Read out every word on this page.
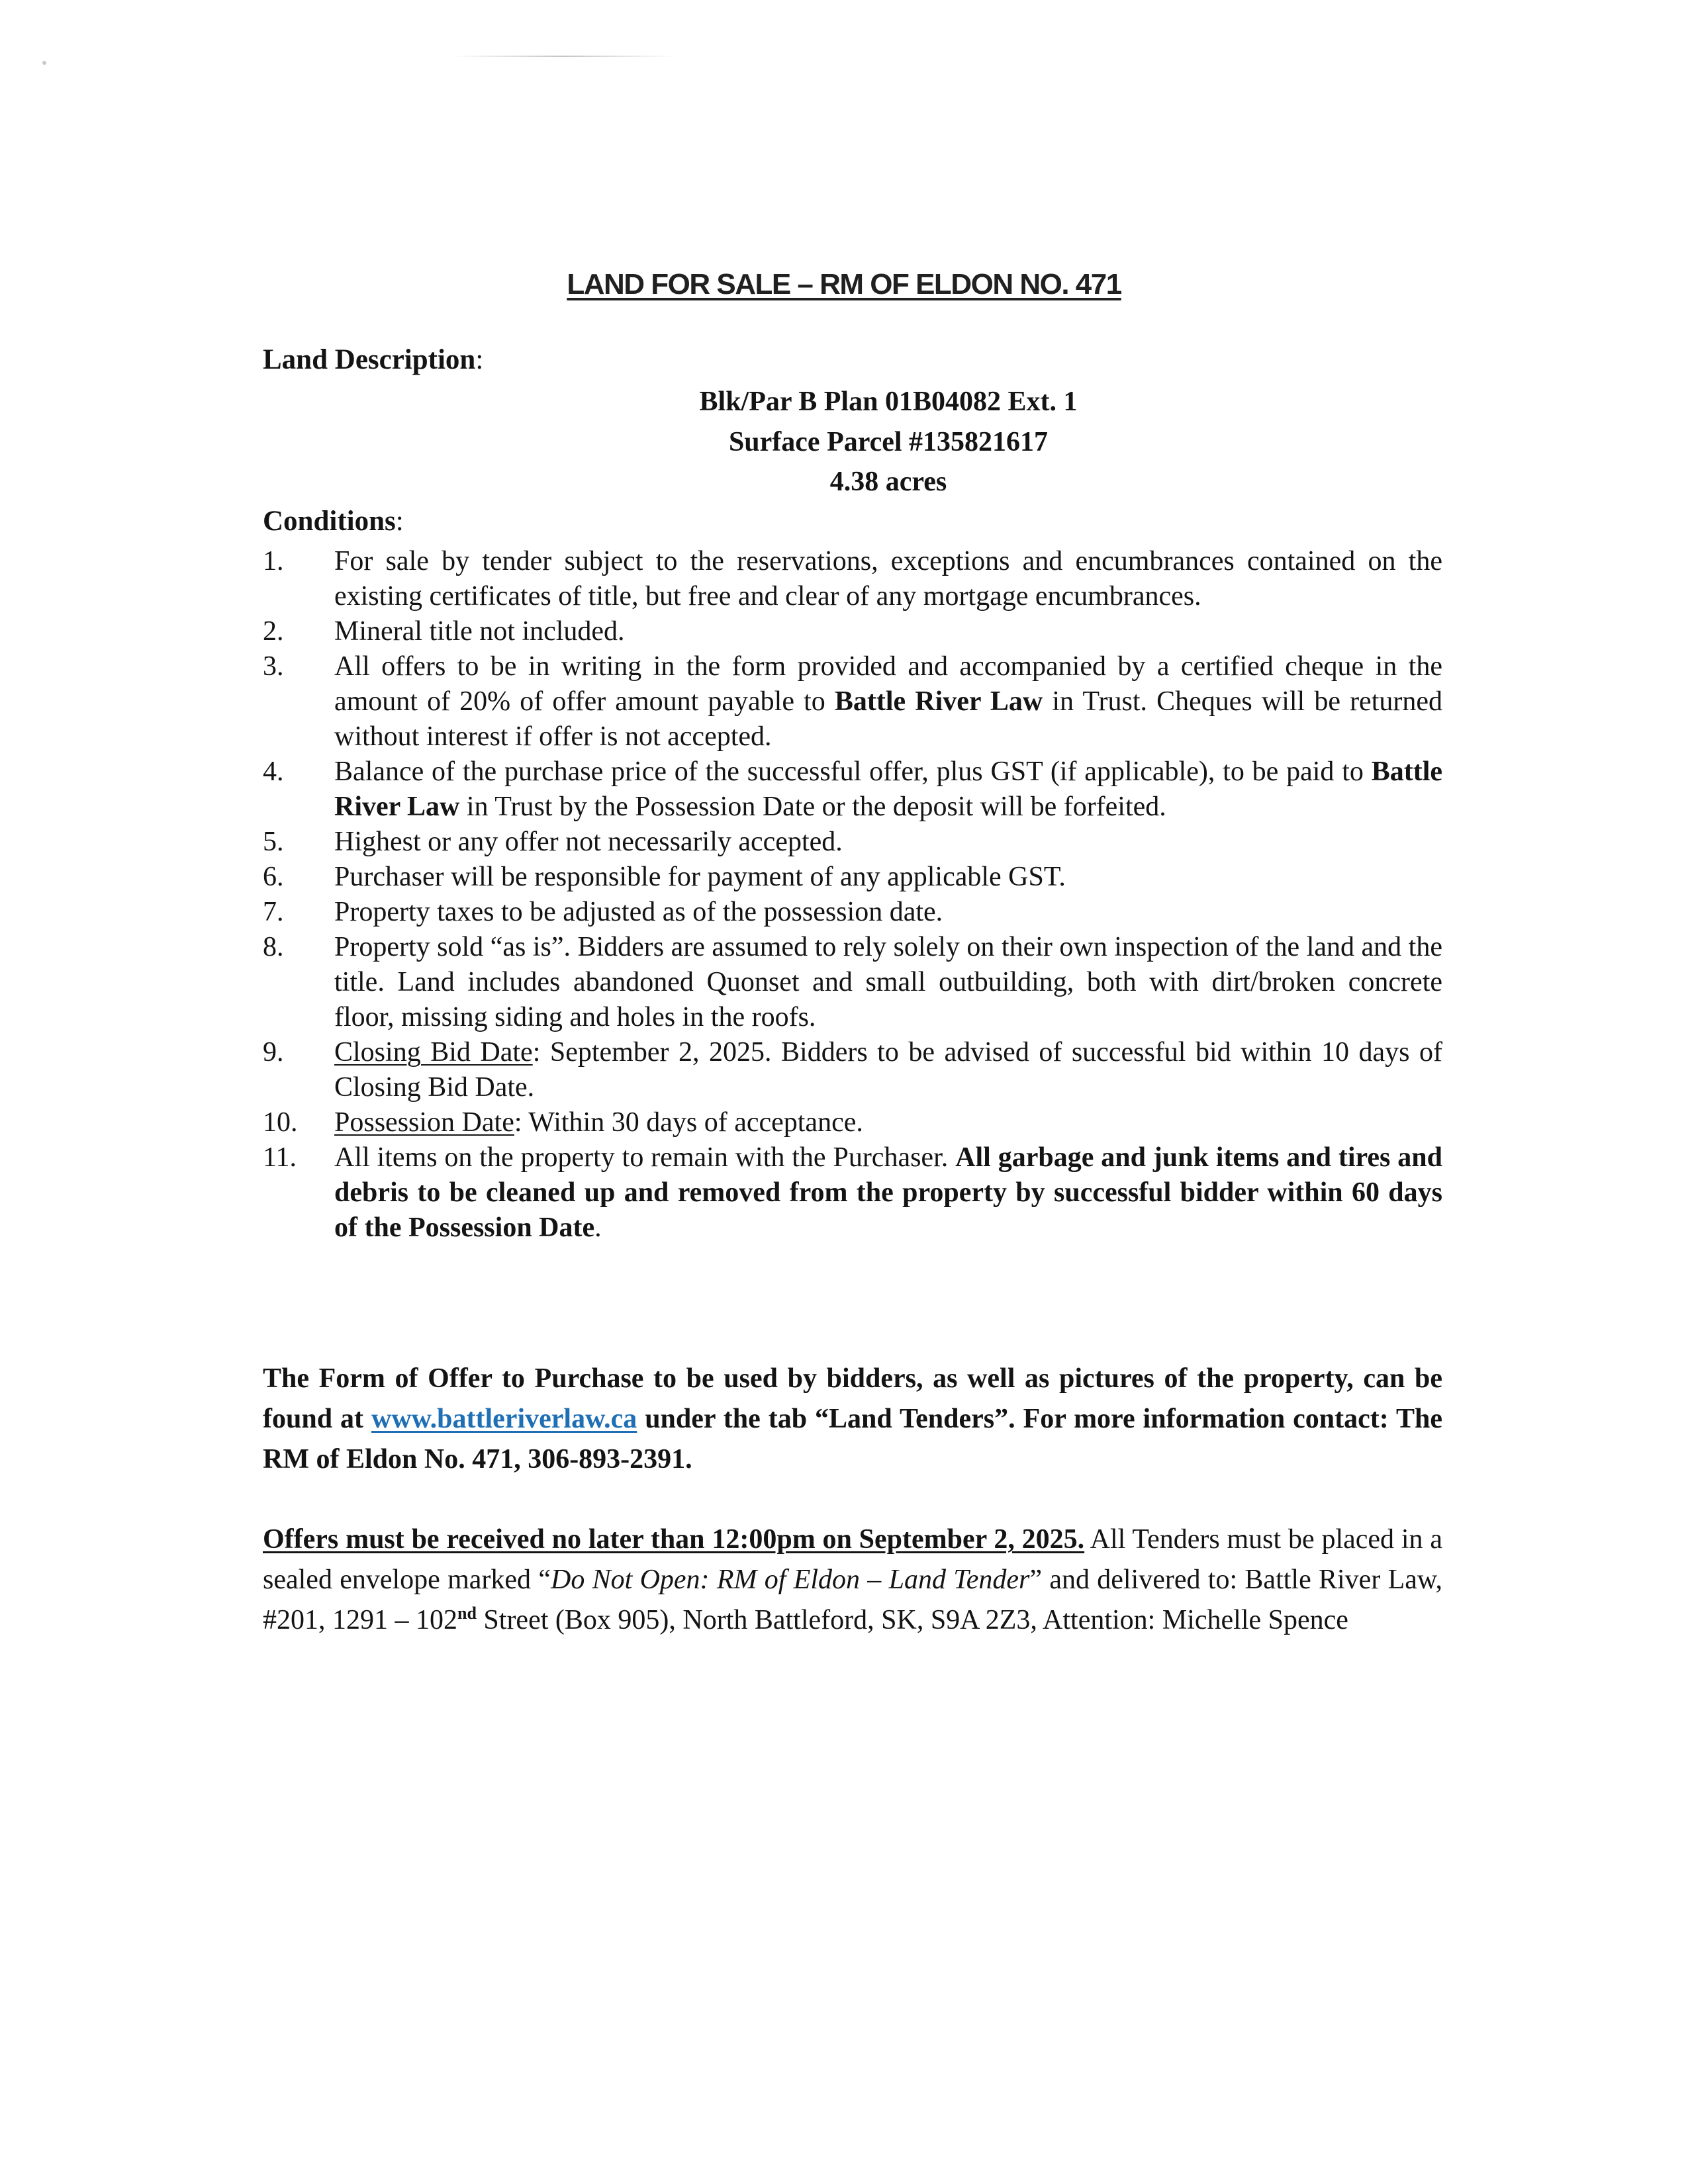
LAND FOR SALE – RM OF ELDON NO. 471
Land Description:
Blk/Par B Plan 01B04082 Ext. 1
Surface Parcel #135821617
4.38 acres
Conditions:
1.	For sale by tender subject to the reservations, exceptions and encumbrances contained on the existing certificates of title, but free and clear of any mortgage encumbrances.
2.	Mineral title not included.
3.	All offers to be in writing in the form provided and accompanied by a certified cheque in the amount of 20% of offer amount payable to Battle River Law in Trust. Cheques will be returned without interest if offer is not accepted.
4.	Balance of the purchase price of the successful offer, plus GST (if applicable), to be paid to Battle River Law in Trust by the Possession Date or the deposit will be forfeited.
5.	Highest or any offer not necessarily accepted.
6.	Purchaser will be responsible for payment of any applicable GST.
7.	Property taxes to be adjusted as of the possession date.
8.	Property sold “as is”. Bidders are assumed to rely solely on their own inspection of the land and the title. Land includes abandoned Quonset and small outbuilding, both with dirt/broken concrete floor, missing siding and holes in the roofs.
9.	Closing Bid Date: September 2, 2025. Bidders to be advised of successful bid within 10 days of Closing Bid Date.
10.	Possession Date: Within 30 days of acceptance.
11.	All items on the property to remain with the Purchaser. All garbage and junk items and tires and debris to be cleaned up and removed from the property by successful bidder within 60 days of the Possession Date.
The Form of Offer to Purchase to be used by bidders, as well as pictures of the property, can be found at www.battleriverlaw.ca under the tab “Land Tenders”. For more information contact: The RM of Eldon No. 471, 306-893-2391.
Offers must be received no later than 12:00pm on September 2, 2025. All Tenders must be placed in a sealed envelope marked “Do Not Open: RM of Eldon – Land Tender” and delivered to: Battle River Law, #201, 1291 – 102nd Street (Box 905), North Battleford, SK, S9A 2Z3, Attention: Michelle Spence
